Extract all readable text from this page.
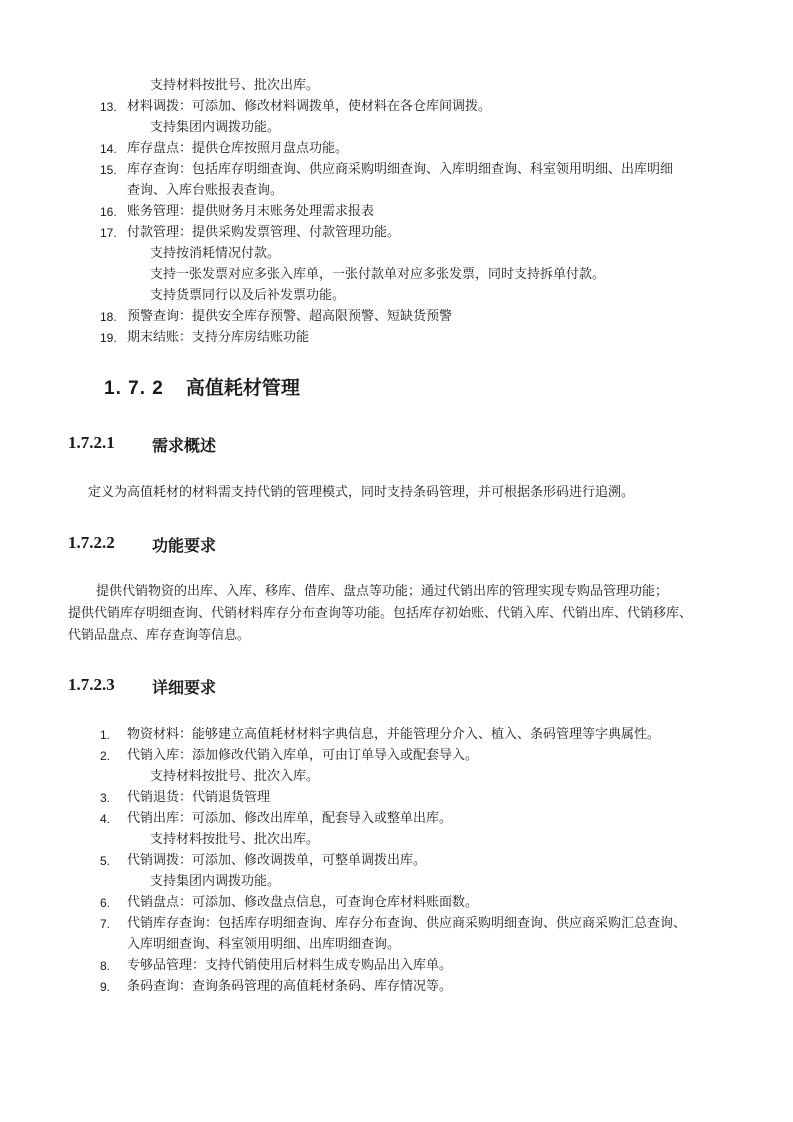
支持材料按批号、批次出库。
13. 材料调拨：可添加、修改材料调拨单，使材料在各仓库间调拨。
支持集团内调拨功能。
14. 库存盘点：提供仓库按照月盘点功能。
15. 库存查询：包括库存明细查询、供应商采购明细查询、入库明细查询、科室领用明细、出库明细
查询、入库台账报表查询。
16. 账务管理：提供财务月末账务处理需求报表
17. 付款管理：提供采购发票管理、付款管理功能。
支持按消耗情况付款。
支持一张发票对应多张入库单，一张付款单对应多张发票，同时支持拆单付款。
支持货票同行以及后补发票功能。
18. 预警查询：提供安全库存预警、超高限预警、短缺货预警
19. 期末结账：支持分库房结账功能
1. 7. 2 高值耗材管理
1.7.2.1 需求概述
定义为高值耗材的材料需支持代销的管理模式，同时支持条码管理，并可根据条形码进行追溯。
1.7.2.2 功能要求
提供代销物资的出库、入库、移库、借库、盘点等功能；通过代销出库的管理实现专购品管理功能；
提供代销库存明细查询、代销材料库存分布查询等功能。包括库存初始账、代销入库、代销出库、代销移库、
代销品盘点、库存查询等信息。
1.7.2.3 详细要求
1. 物资材料：能够建立高值耗材材料字典信息，并能管理分介入、植入、条码管理等字典属性。
2. 代销入库：添加修改代销入库单，可由订单导入或配套导入。
支持材料按批号、批次入库。
3. 代销退货：代销退货管理
4. 代销出库：可添加、修改出库单，配套导入或整单出库。
支持材料按批号、批次出库。
5. 代销调拨：可添加、修改调拨单，可整单调拨出库。
支持集团内调拨功能。
6. 代销盘点：可添加、修改盘点信息，可查询仓库材料账面数。
7. 代销库存查询：包括库存明细查询、库存分布查询、供应商采购明细查询、供应商采购汇总查询、
入库明细查询、科室领用明细、出库明细查询。
8. 专够品管理：支持代销使用后材料生成专购品出入库单。
9. 条码查询：查询条码管理的高值耗材条码、库存情况等。
